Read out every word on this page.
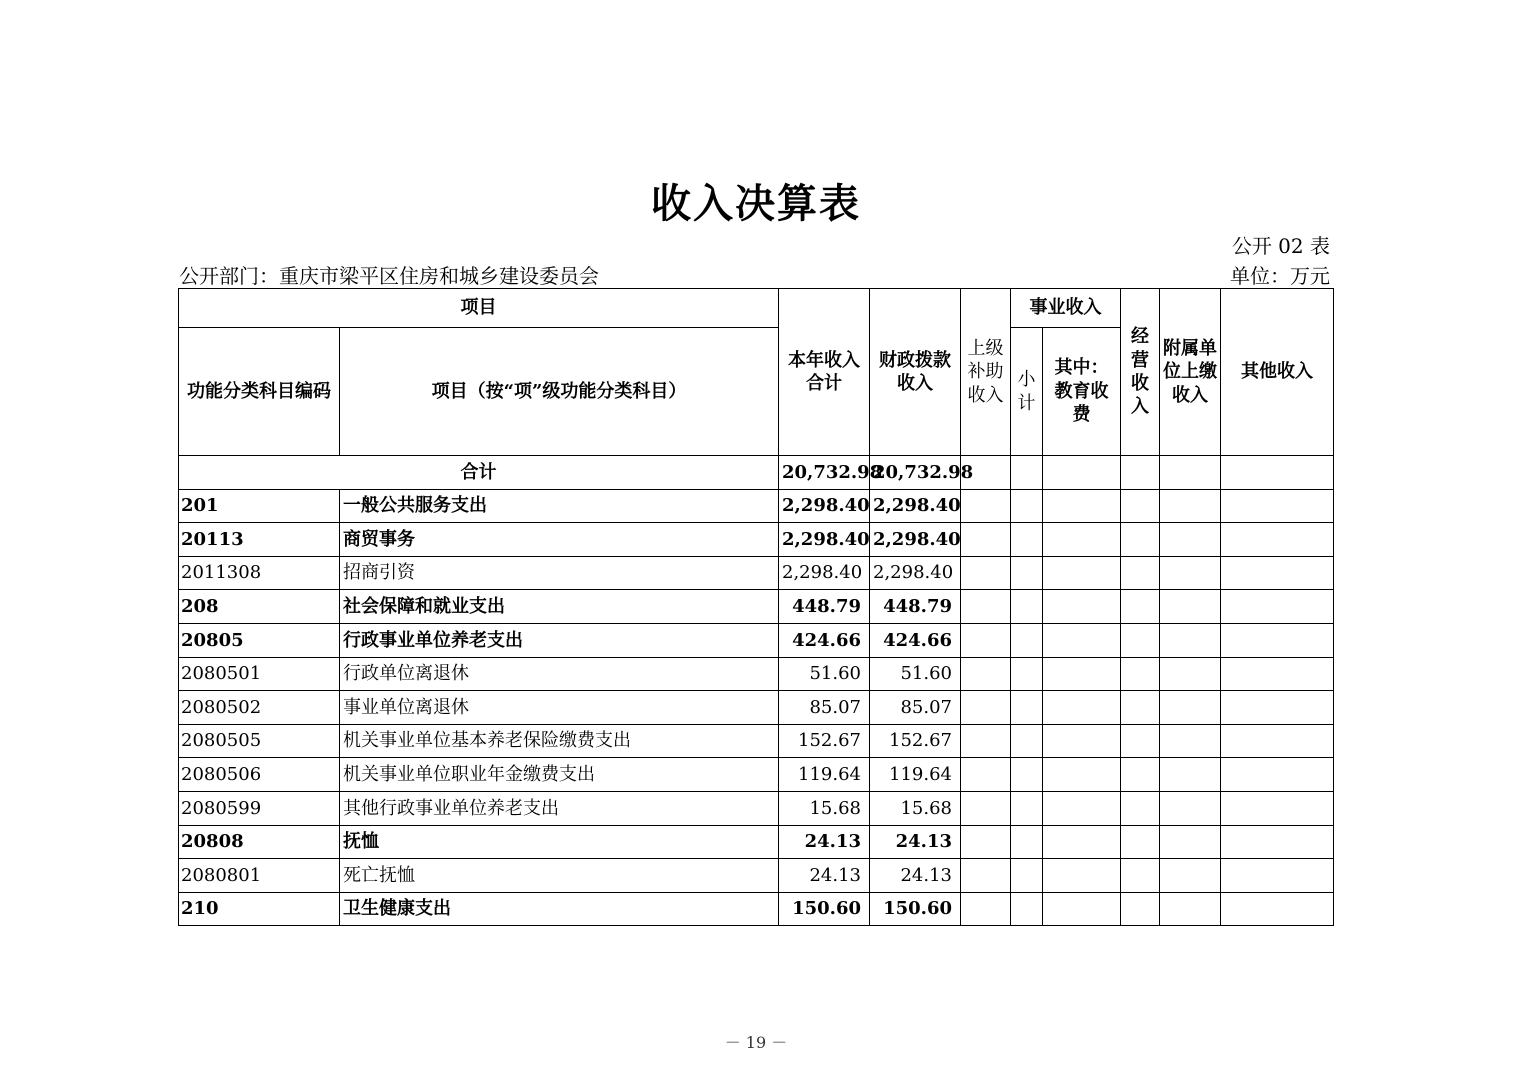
收入决算表
公开 02 表
公开部门：重庆市梁平区住房和城乡建设委员会	单位：万元
项目		本年收入合计	财政拨款收入	上级补助收入	事业收入		经营收入	附属单位上缴收入	其他收入
功能分类科目编码	项目（按“项”级功能分类科目）				小计	其中：教育收费			
合计		20,732.98	20,732.98						
201	一般公共服务支出	2,298.40	2,298.40						
20113	商贸事务	2,298.40	2,298.40						
2011308	招商引资	2,298.40	2,298.40						
208	社会保障和就业支出	448.79	448.79						
20805	行政事业单位养老支出	424.66	424.66						
2080501	行政单位离退休	51.60	51.60						
2080502	事业单位离退休	85.07	85.07						
2080505	机关事业单位基本养老保险缴费支出	152.67	152.67						
2080506	机关事业单位职业年金缴费支出	119.64	119.64						
2080599	其他行政事业单位养老支出	15.68	15.68						
20808	抚恤	24.13	24.13						
2080801	死亡抚恤	24.13	24.13						
210	卫生健康支出	150.60	150.60						
－ 19 －
